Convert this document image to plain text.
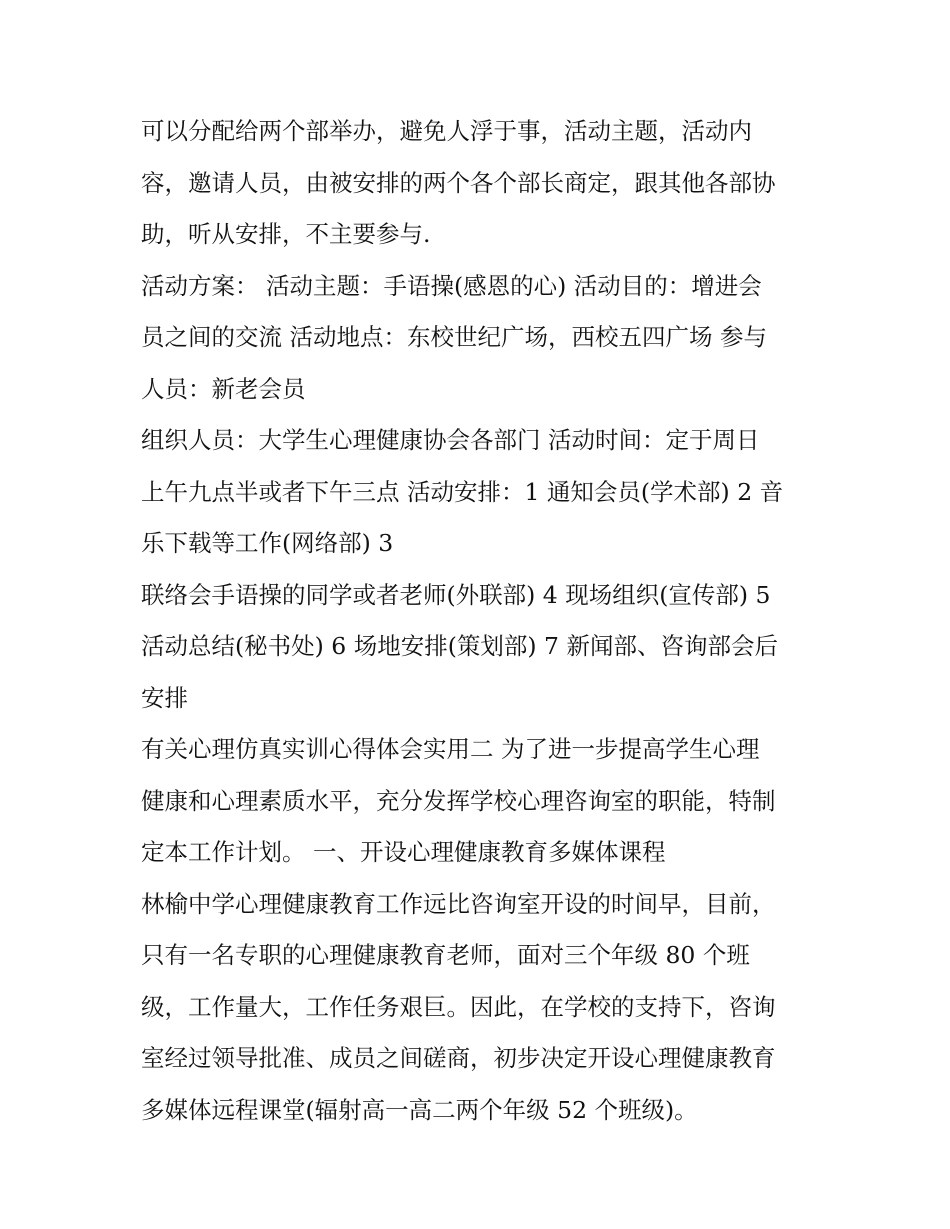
可以分配给两个部举办，避免人浮于事，活动主题，活动内
容，邀请人员，由被安排的两个各个部长商定，跟其他各部协
助，听从安排，不主要参与.
活动方案： 活动主题：手语操(感恩的心) 活动目的：增进会
员之间的交流 活动地点：东校世纪广场，西校五四广场 参与
人员：新老会员
组织人员：大学生心理健康协会各部门 活动时间：定于周日
上午九点半或者下午三点 活动安排：1 通知会员(学术部) 2 音
乐下载等工作(网络部) 3
联络会手语操的同学或者老师(外联部) 4 现场组织(宣传部) 5
活动总结(秘书处) 6 场地安排(策划部) 7 新闻部、咨询部会后
安排
有关心理仿真实训心得体会实用二 为了进一步提高学生心理
健康和心理素质水平，充分发挥学校心理咨询室的职能，特制
定本工作计划。 一、开设心理健康教育多媒体课程
林榆中学心理健康教育工作远比咨询室开设的时间早，目前，
只有一名专职的心理健康教育老师，面对三个年级 80 个班
级，工作量大，工作任务艰巨。因此，在学校的支持下，咨询
室经过领导批准、成员之间磋商，初步决定开设心理健康教育
多媒体远程课堂(辐射高一高二两个年级 52 个班级)。
